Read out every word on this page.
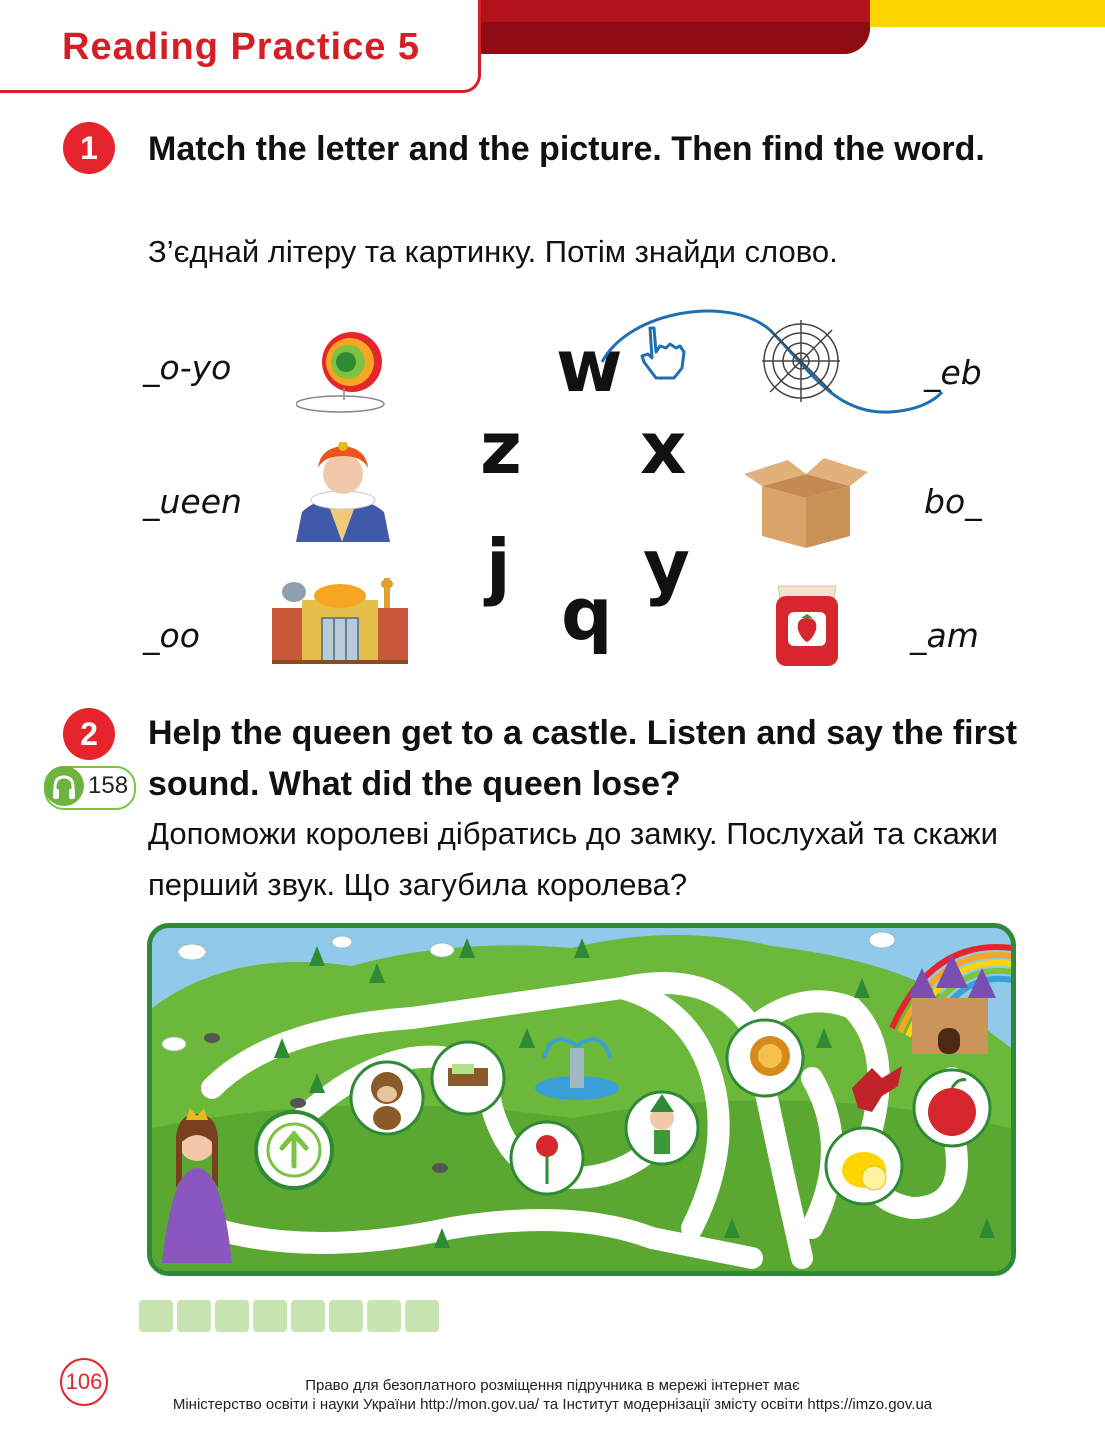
Reading Practice 5
1	Match the letter and the picture. Then find the word.
З’єднай літеру та картинку. Потім знайди слово.
_o-yo
_ueen
_oo
_eb
bo_
_am
w
z x
j y
q
2
158
Help the queen get to a castle. Listen and say the first sound. What did the queen lose?
Допоможи королеві дібратись до замку. Послухай та скажи перший звук. Що загубила королева?
106	Право для безоплатного розміщення підручника в мережі інтернет має
Міністерство освіти і науки України http://mon.gov.ua/ та Інститут модернізації змісту освіти https://imzo.gov.ua
